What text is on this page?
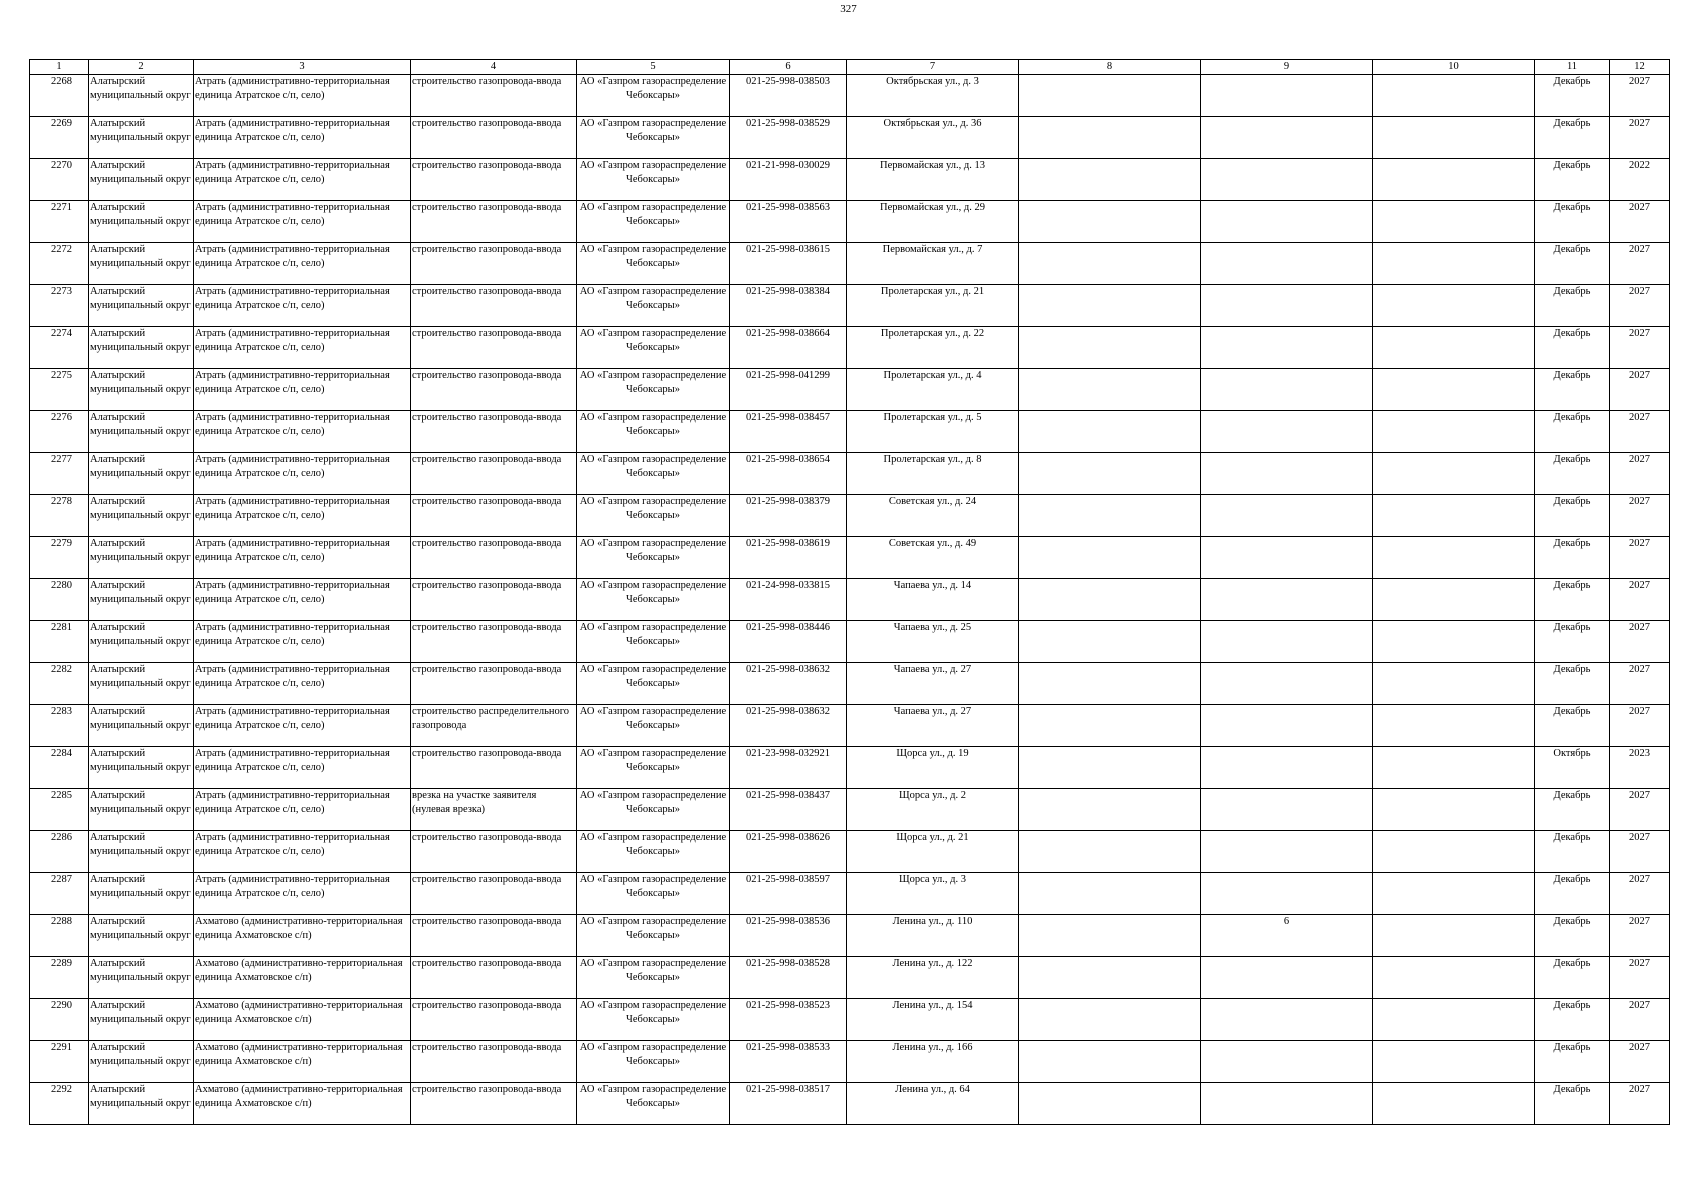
327
1	2	3	4	5	6	7	8	9	10	11	12

2268	Алатырский муниципальный округ	Атрать (административно-территориальная единица Атратское с/п, село)	строительство газопровода-ввода	АО «Газпром газораспределение Чебоксары»	021-25-998-038503	Октябрьская ул., д. 3				Декабрь	2027

2269	Алатырский муниципальный округ	Атрать (административно-территориальная единица Атратское с/п, село)	строительство газопровода-ввода	АО «Газпром газораспределение Чебоксары»	021-25-998-038529	Октябрьская ул., д. 36				Декабрь	2027

2270	Алатырский муниципальный округ	Атрать (административно-территориальная единица Атратское с/п, село)	строительство газопровода-ввода	АО «Газпром газораспределение Чебоксары»	021-21-998-030029	Первомайская ул., д. 13				Декабрь	2022

2271	Алатырский муниципальный округ	Атрать (административно-территориальная единица Атратское с/п, село)	строительство газопровода-ввода	АО «Газпром газораспределение Чебоксары»	021-25-998-038563	Первомайская ул., д. 29				Декабрь	2027

2272	Алатырский муниципальный округ	Атрать (административно-территориальная единица Атратское с/п, село)	строительство газопровода-ввода	АО «Газпром газораспределение Чебоксары»	021-25-998-038615	Первомайская ул., д. 7				Декабрь	2027

2273	Алатырский муниципальный округ	Атрать (административно-территориальная единица Атратское с/п, село)	строительство газопровода-ввода	АО «Газпром газораспределение Чебоксары»	021-25-998-038384	Пролетарская ул., д. 21				Декабрь	2027

2274	Алатырский муниципальный округ	Атрать (административно-территориальная единица Атратское с/п, село)	строительство газопровода-ввода	АО «Газпром газораспределение Чебоксары»	021-25-998-038664	Пролетарская ул., д. 22				Декабрь	2027

2275	Алатырский муниципальный округ	Атрать (административно-территориальная единица Атратское с/п, село)	строительство газопровода-ввода	АО «Газпром газораспределение Чебоксары»	021-25-998-041299	Пролетарская ул., д. 4				Декабрь	2027

2276	Алатырский муниципальный округ	Атрать (административно-территориальная единица Атратское с/п, село)	строительство газопровода-ввода	АО «Газпром газораспределение Чебоксары»	021-25-998-038457	Пролетарская ул., д. 5				Декабрь	2027

2277	Алатырский муниципальный округ	Атрать (административно-территориальная единица Атратское с/п, село)	строительство газопровода-ввода	АО «Газпром газораспределение Чебоксары»	021-25-998-038654	Пролетарская ул., д. 8				Декабрь	2027

2278	Алатырский муниципальный округ	Атрать (административно-территориальная единица Атратское с/п, село)	строительство газопровода-ввода	АО «Газпром газораспределение Чебоксары»	021-25-998-038379	Советская ул., д. 24				Декабрь	2027

2279	Алатырский муниципальный округ	Атрать (административно-территориальная единица Атратское с/п, село)	строительство газопровода-ввода	АО «Газпром газораспределение Чебоксары»	021-25-998-038619	Советская ул., д. 49				Декабрь	2027

2280	Алатырский муниципальный округ	Атрать (административно-территориальная единица Атратское с/п, село)	строительство газопровода-ввода	АО «Газпром газораспределение Чебоксары»	021-24-998-033815	Чапаева ул., д. 14				Декабрь	2027

2281	Алатырский муниципальный округ	Атрать (административно-территориальная единица Атратское с/п, село)	строительство газопровода-ввода	АО «Газпром газораспределение Чебоксары»	021-25-998-038446	Чапаева ул., д. 25				Декабрь	2027

2282	Алатырский муниципальный округ	Атрать (административно-территориальная единица Атратское с/п, село)	строительство газопровода-ввода	АО «Газпром газораспределение Чебоксары»	021-25-998-038632	Чапаева ул., д. 27				Декабрь	2027

2283	Алатырский муниципальный округ	Атрать (административно-территориальная единица Атратское с/п, село)	строительство распределительного газопровода	АО «Газпром газораспределение Чебоксары»	021-25-998-038632	Чапаева ул., д. 27				Декабрь	2027

2284	Алатырский муниципальный округ	Атрать (административно-территориальная единица Атратское с/п, село)	строительство газопровода-ввода	АО «Газпром газораспределение Чебоксары»	021-23-998-032921	Щорса ул., д. 19				Октябрь	2023

2285	Алатырский муниципальный округ	Атрать (административно-территориальная единица Атратское с/п, село)	врезка на участке заявителя (нулевая врезка)	АО «Газпром газораспределение Чебоксары»	021-25-998-038437	Щорса ул., д. 2				Декабрь	2027

2286	Алатырский муниципальный округ	Атрать (административно-территориальная единица Атратское с/п, село)	строительство газопровода-ввода	АО «Газпром газораспределение Чебоксары»	021-25-998-038626	Щорса ул., д. 21				Декабрь	2027

2287	Алатырский муниципальный округ	Атрать (административно-территориальная единица Атратское с/п, село)	строительство газопровода-ввода	АО «Газпром газораспределение Чебоксары»	021-25-998-038597	Щорса ул., д. 3				Декабрь	2027

2288	Алатырский муниципальный округ	Ахматово (административно-территориальная единица Ахматовское с/п)	строительство газопровода-ввода	АО «Газпром газораспределение Чебоксары»	021-25-998-038536	Ленина ул., д. 110		6		Декабрь	2027

2289	Алатырский муниципальный округ	Ахматово (административно-территориальная единица Ахматовское с/п)	строительство газопровода-ввода	АО «Газпром газораспределение Чебоксары»	021-25-998-038528	Ленина ул., д. 122				Декабрь	2027

2290	Алатырский муниципальный округ	Ахматово (административно-территориальная единица Ахматовское с/п)	строительство газопровода-ввода	АО «Газпром газораспределение Чебоксары»	021-25-998-038523	Ленина ул., д. 154				Декабрь	2027

2291	Алатырский муниципальный округ	Ахматово (административно-территориальная единица Ахматовское с/п)	строительство газопровода-ввода	АО «Газпром газораспределение Чебоксары»	021-25-998-038533	Ленина ул., д. 166				Декабрь	2027

2292	Алатырский муниципальный округ	Ахматово (административно-территориальная единица Ахматовское с/п)	строительство газопровода-ввода	АО «Газпром газораспределение Чебоксары»	021-25-998-038517	Ленина ул., д. 64				Декабрь	2027
